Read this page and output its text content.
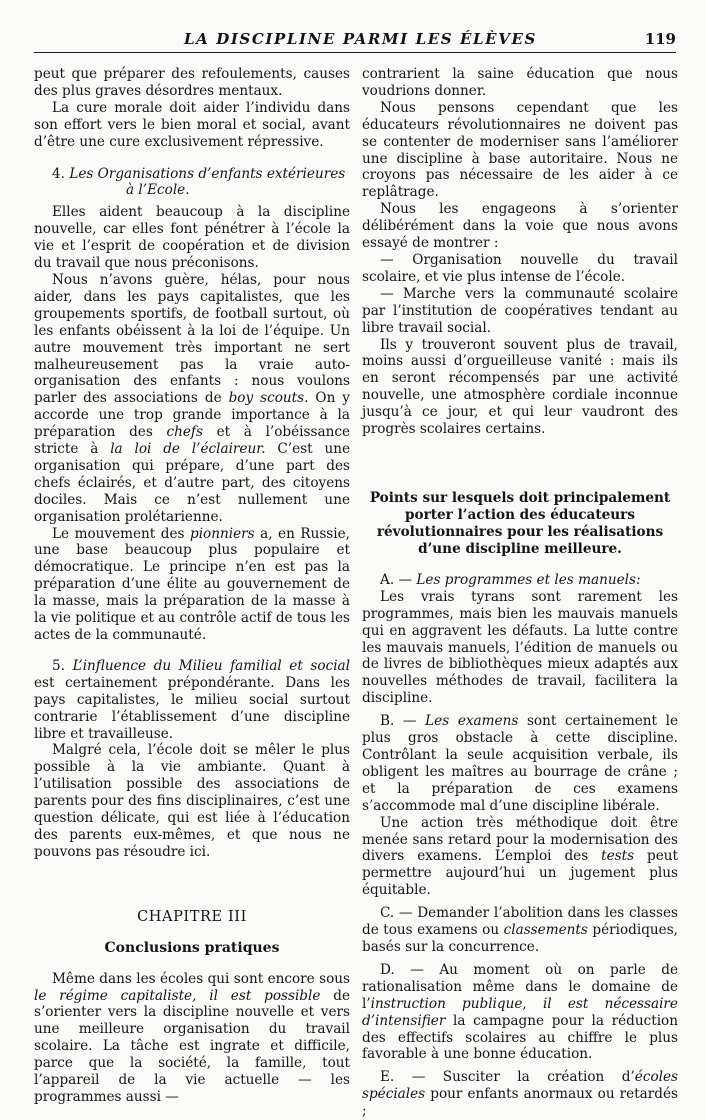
LA DISCIPLINE PARMI LES ÉLÈVES	119

peut que préparer des refoulements, causes des plus graves désordres mentaux.

La cure morale doit aider l’individu dans son effort vers le bien moral et social, avant d’être une cure exclusivement répressive.

4. Les Organisations d’enfants extérieures
à l’Ecole.

Elles aident beaucoup à la discipline nouvelle, car elles font pénétrer à l’école la vie et l’esprit de coopération et de division du travail que nous préconisons.

Nous n’avons guère, hélas, pour nous aider, dans les pays capitalistes, que les groupements sportifs, de football surtout, où les enfants obéissent à la loi de l’équipe. Un autre mouvement très important ne sert malheureusement pas la vraie auto-organisation des enfants : nous voulons parler des associations de boy scouts. On y accorde une trop grande importance à la préparation des chefs et à l’obéissance stricte à la loi de l’éclaireur. C’est une organisation qui prépare, d’une part des chefs éclairés, et d’autre part, des citoyens dociles. Mais ce n’est nullement une organisation prolétarienne.

Le mouvement des pionniers a, en Russie, une base beaucoup plus populaire et démocratique. Le principe n’en est pas la préparation d’une élite au gouvernement de la masse, mais la préparation de la masse à la vie politique et au contrôle actif de tous les actes de la communauté.

5. L’influence du Milieu familial et social est certainement prépondérante. Dans les pays capitalistes, le milieu social surtout contrarie l’établissement d’une discipline libre et travailleuse.

Malgré cela, l’école doit se mêler le plus possible à la vie ambiante. Quant à l’utilisation possible des associations de parents pour des fins disciplinaires, c’est une question délicate, qui est liée à l’éducation des parents eux-mêmes, et que nous ne pouvons pas résoudre ici.

CHAPITRE III
Conclusions pratiques

Même dans les écoles qui sont encore sous le régime capitaliste, il est possible de s’orienter vers la discipline nouvelle et vers une meilleure organisation du travail scolaire. La tâche est ingrate et difficile, parce que la société, la famille, tout l’appareil de la vie actuelle — les programmes aussi —

contrarient la saine éducation que nous voudrions donner.

Nous pensons cependant que les éducateurs révolutionnaires ne doivent pas se contenter de moderniser sans l’améliorer une discipline à base autoritaire. Nous ne croyons pas nécessaire de les aider à ce replâtrage.

Nous les engageons à s’orienter délibérément dans la voie que nous avons essayé de montrer :

— Organisation nouvelle du travail scolaire, et vie plus intense de l’école.

— Marche vers la communauté scolaire par l’institution de coopératives tendant au libre travail social.

Ils y trouveront souvent plus de travail, moins aussi d’orgueilleuse vanité : mais ils en seront récompensés par une activité nouvelle, une atmosphère cordiale inconnue jusqu’à ce jour, et qui leur vaudront des progrès scolaires certains.

Points sur lesquels doit principalement porter l’action des éducateurs révolutionnaires pour les réalisations d’une discipline meilleure.

A. — Les programmes et les manuels:

Les vrais tyrans sont rarement les programmes, mais bien les mauvais manuels qui en aggravent les défauts. La lutte contre les mauvais manuels, l’édition de manuels ou de livres de bibliothèques mieux adaptés aux nouvelles méthodes de travail, facilitera la discipline.

B. — Les examens sont certainement le plus gros obstacle à cette discipline. Contrôlant la seule acquisition verbale, ils obligent les maîtres au bourrage de crâne ; et la préparation de ces examens s’accommode mal d’une discipline libérale.

Une action très méthodique doit être menée sans retard pour la modernisation des divers examens. L’emploi des tests peut permettre aujourd’hui un jugement plus équitable.

C. — Demander l’abolition dans les classes de tous examens ou classements périodiques, basés sur la concurrence.

D. — Au moment où on parle de rationalisation même dans le domaine de l’instruction publique, il est nécessaire d’intensifier la campagne pour la réduction des effectifs scolaires au chiffre le plus favorable à une bonne éducation.

E. — Susciter la création d’écoles spéciales pour enfants anormaux ou retardés ;
